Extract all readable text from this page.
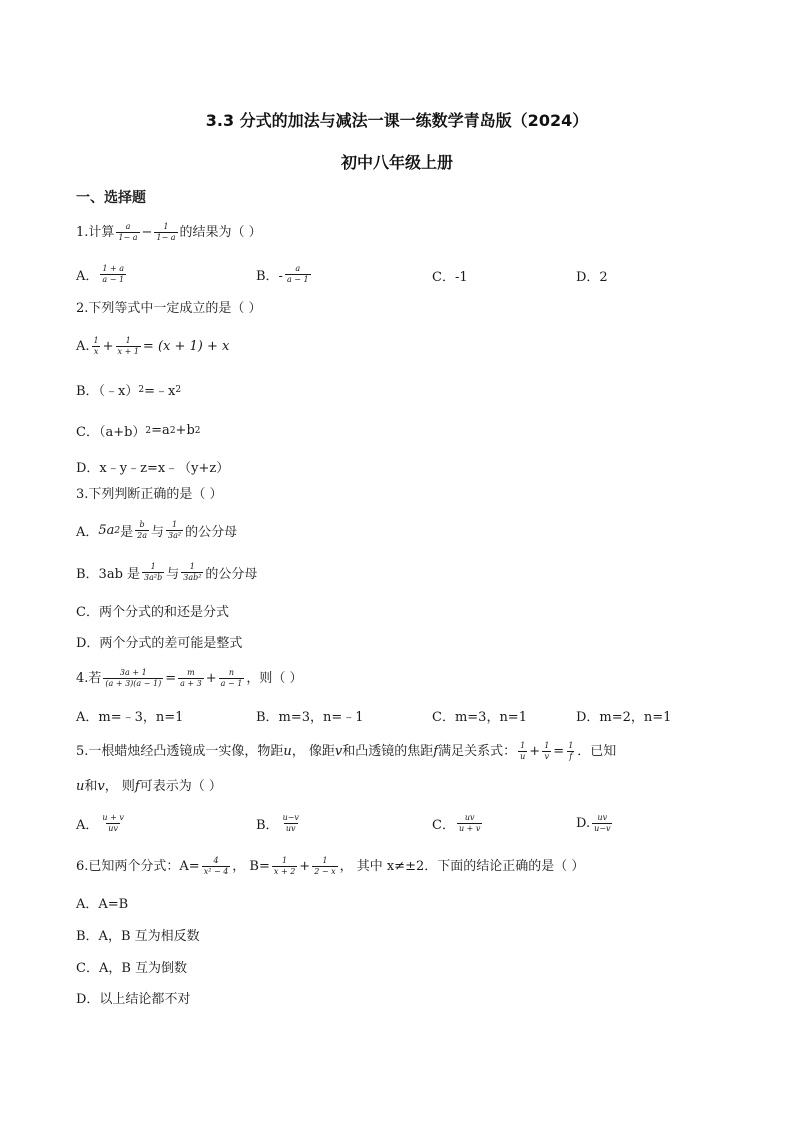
3.3 分式的加法与减法一课一练数学青岛版（2024）
初中八年级上册
一、选择题
1.计算 $\frac{a}{1- a} - \frac{1}{1- a}$ 的结果为（ ）
A． $\frac{1 + a}{a - 1}$	B．- $\frac{a}{a - 1}$	C．-1	D．2
2.下列等式中一定成立的是（ ）
A. $\frac{1}{x} + \frac{1}{x + 1} = (x + 1) + x$
B．（﹣x） 2 =﹣x 2
C．（a+b） 2 =a 2 +b 2
D．x﹣y﹣z=x﹣（y+z）
3.下列判断正确的是（ ）
A． 5a 2 是 $\frac{b}{2a}$ 与 $\frac{1}{\text{3a²}}$ 的公分母
B．3ab 是 $\frac{1}{\text{3a²b}}$ 与 $\frac{1}{\text{3ab²}}$ 的公分母
C．两个分式的和还是分式
D．两个分式的差可能是整式
4.若 $\frac{3a + 1}{(a + 3)(a - 1)} = \frac{m}{a + 3} + \frac{n}{a - 1}$ ，则（ ）
A．m=﹣3，n=1	B．m=3，n=﹣1	C．m=3，n=1	D．m=2，n=1
5.一根蜡烛经凸透镜成一实像，物距 u ， 像距 v 和凸透镜的焦距 f 满足关系式： $\frac{1}{u} + \frac{1}{v} = \frac{1}{f}$ ．已知
u 和 v ， 则 f 可表示为（ ）
A． $\frac{u + v}{uv}$	B． $\frac{u-v}{uv}$	C． $\frac{uv}{u + v}$	D. $\frac{uv}{u-v}$
6.已知两个分式：$A= \frac{4}{\text{x² − 4}}$ ， $B= \frac{1}{x + 2} + \frac{1}{2 - x}$ ， 其中 x≠±2．下面的结论正确的是（ ）
A．A=B
B．A，B 互为相反数
C．A，B 互为倒数
D．以上结论都不对
